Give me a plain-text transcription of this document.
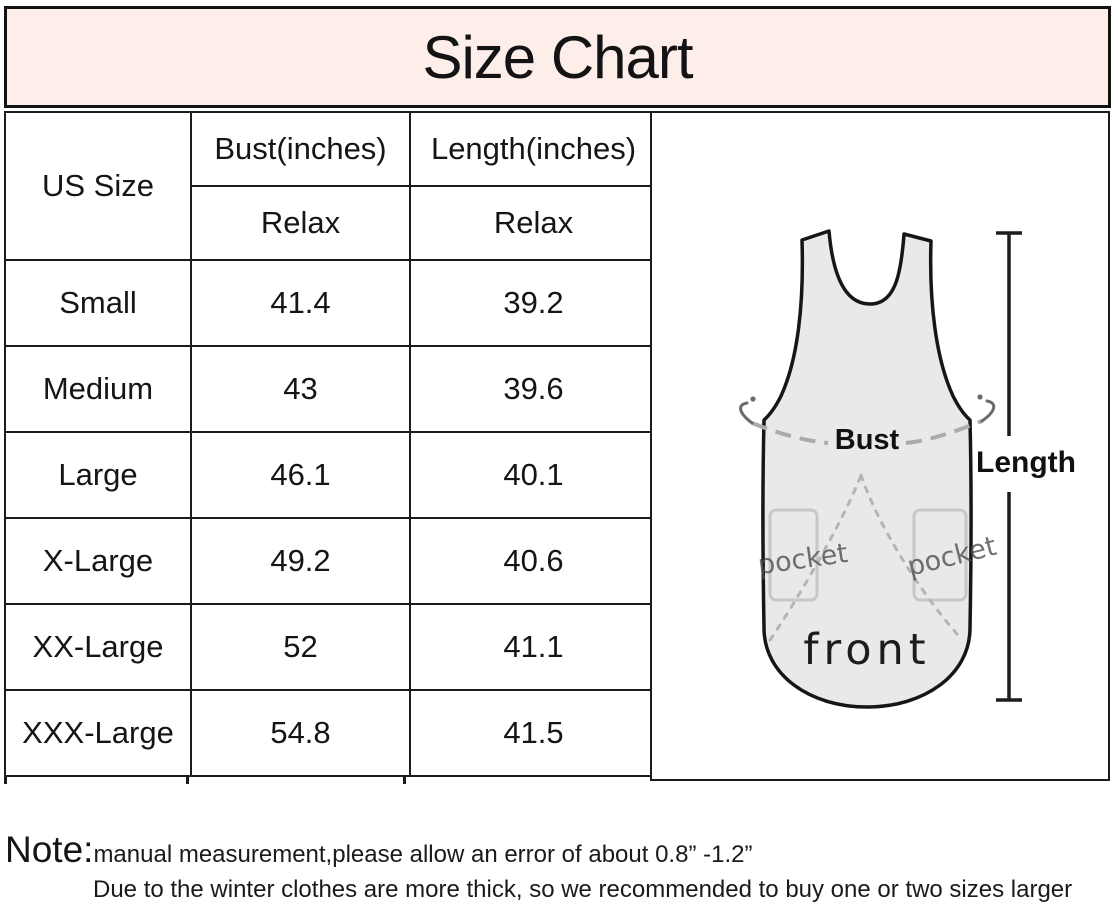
Size Chart
US Size	Bust(inches)	Length(inches)
	Relax	Relax
Small	41.4	39.2
Medium	43	39.6
Large	46.1	40.1
X-Large	49.2	40.6
XX-Large	52	41.1
XXX-Large	54.8	41.5
Bust
Length
pocket pocket
front
Note: manual measurement,please allow an error of about 0.8” -1.2”
Due to the winter clothes are more thick, so we recommended to buy one or two sizes larger
